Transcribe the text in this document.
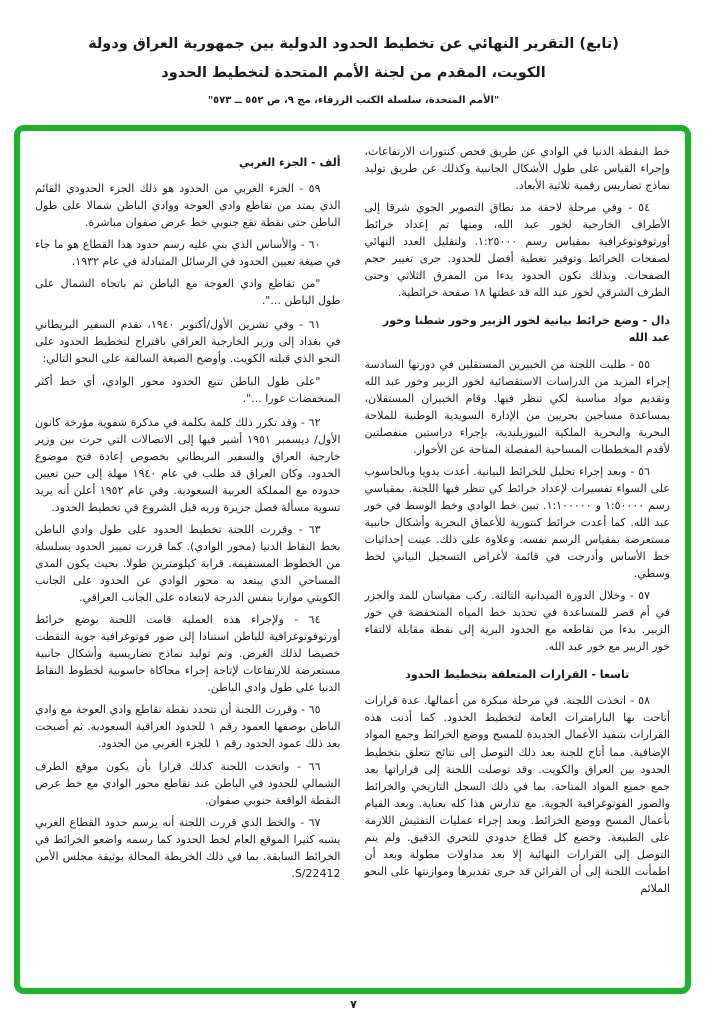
(تابع) التقرير النهائي عن تخطيط الحدود الدولية بين جمهورية العراق ودولة
الكويت، المقدم من لجنة الأمم المتحدة لتخطيط الحدود
"الأمم المتحدة، سلسلة الكتب الزرقاء، مج ٩، ص ٥٥٢ ــ ٥٧٣"
خط النقطة الدنيا في الوادي عن طريق فحص كنتورات الارتفاعات، وإجراء القياس على طول الأشكال الجانبية وكذلك عن طريق توليد نماذج تضاريس رقمية ثلاثية الأبعاد.
٥٤ - وفي مرحلة لاحقة مد نطاق التصوير الجوي شرقا إلى الأطراف الخارجية لخور عبد الله، ومنها تم إعداد خرائط أورثوفوتوغرافية بمقياس رسم ١:٢٥٠٠٠. ولتقليل العدد النهائي لصفحات الخرائط وتوفير تغطية أفضل للحدود. جرى تغيير حجم الصفحات. وبذلك تكون الحدود بدءا من المفرق الثلاثي وحتى الطرف الشرقي لخور عبد الله قد غطتها ١٨ صفحة خرائطية.
دال - وضع خرائط بيانية لخور الزبير وخور شطنا وخور عبد الله
٥٥ - طلبت اللجنة من الخبيرين المستقلين في دورتها السادسة إجراء المزيد من الدراسات الاستقصائية لخور الزبير وخور عبد الله وتقديم مواد مناسبة لكي تنظر فيها. وقام الخبيران المستقلان، بمساعدة مساحين بحريين من الإدارة السويدية الوطنية للملاحة البحرية والبحرية الملكية النيوزيلندية، بإجراء دراستين منفصلتين لأقدم المخططات المساحية المفصلة المتاحة عن الأخوار.
٥٦ - وبعد إجراء تحليل للخرائط البيانية. أعدت يدويا وبالحاسوب على السواء تفسيرات لإعداد خرائط كي تنظر فيها اللجنة. بمقياسي رسم ١:٥٠٠٠٠ و ١:١٠٠٠٠٠. تبين خط الوادي وخط الوسط في خور عبد الله. كما أعدت خرائط كنتورية للأعماق البحرية وأشكال جانبية مستعرضة بمقياس الرسم نفسه. وعلاوة على ذلك. عينت إحداثيات خط الأساس وأدرجت في قائمة لأغراض التسجيل البياني لخط وسطي.
٥٧ - وخلال الدورة الميدانية الثالثة. ركب مقياسان للمد والجزر في أم قصر للمساعدة في تحديد خط المياه المنخفضة في خور الزبير. بدءا من تقاطعه مع الحدود البرية إلى نقطة مقابلة لالتقاء خور الزبير مع خور عبد الله.
تاسعا - القرارات المتعلقة بتخطيط الحدود
٥٨ - اتخذت اللجنة. في مرحلة مبكرة من أعمالها. عدة قرارات أتاحت بها البارامترات العامة لتخطيط الحدود. كما أذنت هذه القرارات بتنفيذ الأعمال الجديدة للمسح ووضع الخرائط وجمع المواد الإضافية. مما أتاح للجنة بعد ذلك التوصل إلى نتائج تتعلق بتخطيط الحدود بين العراق والكويت. وقد توصلت اللجنة إلى قراراتها بعد جمع جميع المواد المتاحة. بما في ذلك السجل التاريخي والخرائط والصور الفوتوغرافية الجوية. مع تدارس هذا كله بعناية. وبعد القيام بأعمال المسح ووضع الخرائط. وبعد إجراء عمليات التفتيش اللازمة على الطبيعة. وخضع كل قطاع حدودي للتحري الدقيق. ولم يتم التوصل إلى القرارات النهائية إلا بعد مداولات مطولة وبعد أن اطمأنت اللجنة إلى أن القرائن قد جرى تقديرها وموازنتها على النحو الملائم
ألف - الجزء الغربي
٥٩ - الجزء الغربي من الحدود هو ذلك الجزء الحدودي القائم الذي يمتد من تقاطع وادي العوجة ووادي الباطن شمالا على طول الباطن حتى نقطة تقع جنوبي خط عرض صفوان مباشرة.
٦٠ - والأساس الذي بني عليه رسم حدود هذا القطاع هو ما جاء في صيغة تعيين الحدود في الرسائل المتبادلة في عام ١٩٣٢.
"من تقاطع وادي العوجة مع الباطن ثم باتجاه الشمال على طول الباطن ...".
٦١ - وفي تشرين الأول/أكتوبر ١٩٤٠، تقدم السفير البريطاني في بغداد إلى وزير الخارجية العراقي باقتراح لتخطيط الحدود على النحو الذي قبلته الكويت. وأوضح الصيغة السالفة على النحو التالي:
"على طول الباطن تتبع الحدود محور الوادي، أي خط أكثر المنخفضات غورا ...".
٦٢ - وقد تكرر ذلك كلمة بكلمة في مذكرة شفوية مؤرخة كانون الأول/ ديسمبر ١٩٥١ أشير فيها إلى الاتصالات التي جرت بين وزير خارجية العراق والسفير البريطاني بخصوص إعادة فتح موضوع الحدود. وكان العراق قد طلب في عام ١٩٤٠ مهلة إلى حين تعيين حدوده مع المملكة العربية السعودية. وفي عام ١٩٥٢ أعلن أنه يريد تسوية مسألة فصل جزيرة وربه قبل الشروع في تخطيط الحدود.
٦٣ - وقررت اللجنة تخطيط الحدود على طول وادي الباطن بخط النقاط الدنيا (محور الوادي). كما قررت تمييز الحدود بسلسلة من الخطوط المستقيمة. قرابة كيلومترين طولا. بحيث يكون المدى المساحي الذي يبتعد به محور الوادي عن الحدود على الجانب الكويتي موازنا بنفس الدرجة لابتعاده على الجانب العراقي.
٦٤ - ولإجراء هذه العملية قامت اللجنة بوضع خرائط أورثوفوتوغرافية للباطن استنادا إلى صور فوتوغرافية جوية التقطت خصيصا لذلك الغرض. وتم توليد نماذج تضاريسية وأشكال جانبية مستعرضة للارتفاعات لإتاحة إجراء محاكاة حاسوبية لخطوط النقاط الدنيا على طول وادي الباطن.
٦٥ - وقررت اللجنة أن تتحدد نقطة تقاطع وادي العوجة مع وادي الباطن بوصفها العمود رقم ١ للحدود العراقية السعودية. ثم أصبحت بعد ذلك عمود الحدود رقم ١ للجزء الغربي من الحدود.
٦٦ - واتخذت اللجنة كذلك قرارا بأن يكون موقع الطرف الشمالي للحدود في الباطن عند تقاطع محور الوادي مع خط عرض النقطة الواقعة جنوبي صفوان.
٦٧ - والخط الذي قررت اللجنة أنه يرسم حدود القطاع الغربي يشبه كثيرا الموقع العام لخط الحدود كما رسمه واضعو الخرائط في الخرائط السابقة. بما في ذلك الخريطة المحالة بوثيقة مجلس الأمن S/22412.
٧
